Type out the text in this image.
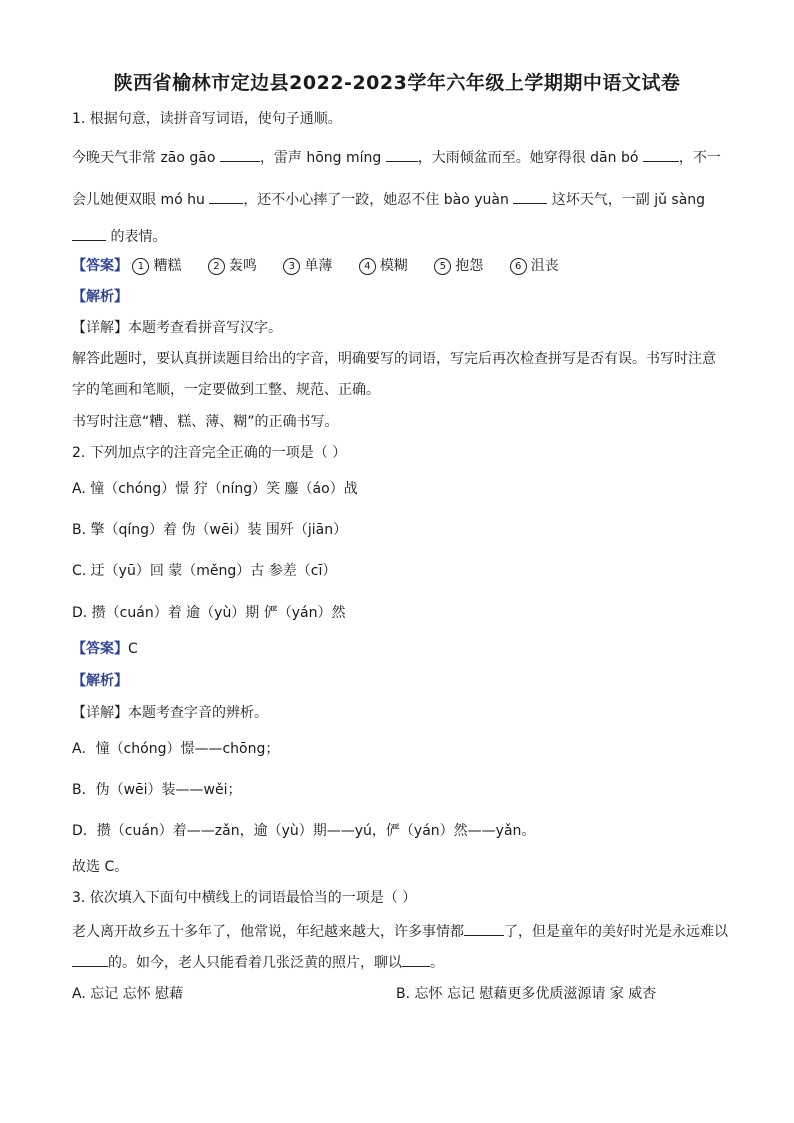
陕西省榆林市定边县2022-2023学年六年级上学期期中语文试卷
1. 根据句意，读拼音写词语，使句子通顺。
今晚天气非常 zāo gāo	，雷声 hōng míng ，大雨倾盆而至。她穿得很 dān bó	，不一
会儿她便双眼 mó hu ，还不小心摔了一跤，她忍不住 bào yuàn  这坏天气，一副 jǔ sàng
的表情。
【答案】 1 糟糕	2 轰鸣	3 单薄	4 模糊	5 抱怨	6 沮丧
【解析】
【详解】本题考查看拼音写汉字。
解答此题时，要认真拼读题目给出的字音，明确要写的词语，写完后再次检查拼写是否有误。书写时注意
字的笔画和笔顺，一定要做到工整、规范、正确。
书写时注意“糟、糕、薄、糊”的正确书写。
2. 下列加点字的注音完全正确的一项是（ ）
A. 憧（chóng）憬 狞（níng）笑 鏖（áo）战
B. 擎（qíng）着 伪（wēi）装 围歼（jiān）
C. 迂（yū）回 蒙（měng）古 参差（cī）
D. 攒（cuán）着 逾（yù）期 俨（yán）然
【答案】C
【解析】
【详解】本题考查字音的辨析。
A．憧（chóng）憬——chōng；
B．伪（wēi）装——wěi；
D．攒（cuán）着——zǎn，逾（yù）期——yú，俨（yán）然——yǎn。
故选 C。
3. 依次填入下面句中横线上的词语最恰当的一项是（ ）
老人离开故乡五十多年了，他常说，年纪越来越大，许多事情都	了，但是童年的美好时光是永远难以
的。如今，老人只能看着几张泛黄的照片，聊以 。
A. 忘记 忘怀 慰藉	B. 忘怀 忘记 慰藉更多优质滋源请 家 威杏
